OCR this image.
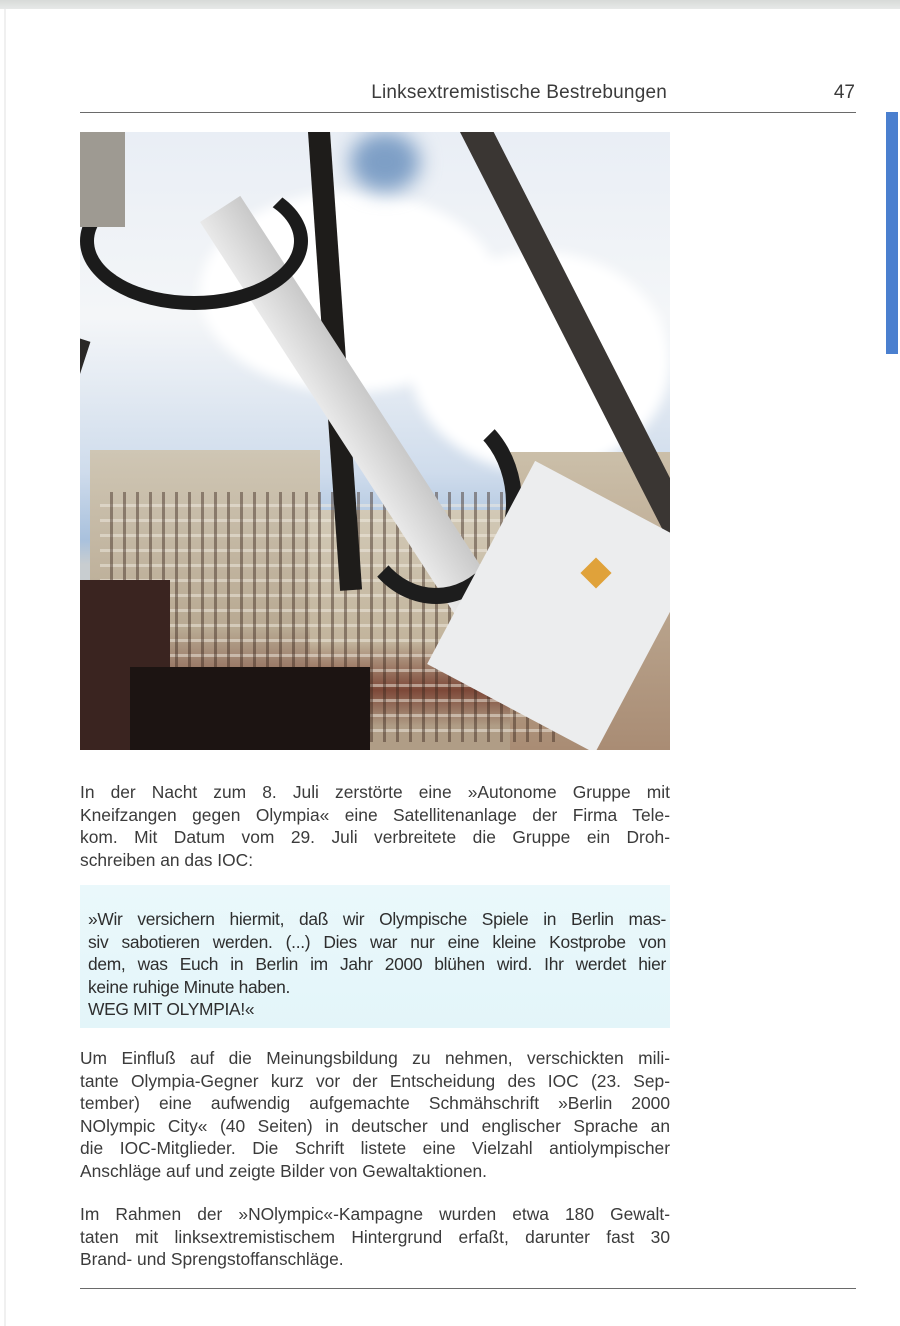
Linksextremistische Bestrebungen	47
In der Nacht zum 8. Juli zerstörte eine »Autonome Gruppe mit
Kneifzangen gegen Olympia« eine Satellitenanlage der Firma Tele-
kom. Mit Datum vom 29. Juli verbreitete die Gruppe ein Droh-
schreiben an das IOC:
»Wir versichern hiermit, daß wir Olympische Spiele in Berlin mas-
siv sabotieren werden. (...) Dies war nur eine kleine Kostprobe von
dem, was Euch in Berlin im Jahr 2000 blühen wird. Ihr werdet hier
keine ruhige Minute haben.
WEG MIT OLYMPIA!«
Um Einfluß auf die Meinungsbildung zu nehmen, verschickten mili-
tante Olympia-Gegner kurz vor der Entscheidung des IOC (23. Sep-
tember) eine aufwendig aufgemachte Schmähschrift »Berlin 2000
NOlympic City« (40 Seiten) in deutscher und englischer Sprache an
die IOC-Mitglieder. Die Schrift listete eine Vielzahl antiolympischer
Anschläge auf und zeigte Bilder von Gewaltaktionen.
Im Rahmen der »NOlympic«-Kampagne wurden etwa 180 Gewalt-
taten mit linksextremistischem Hintergrund erfaßt, darunter fast 30
Brand- und Sprengstoffanschläge.
